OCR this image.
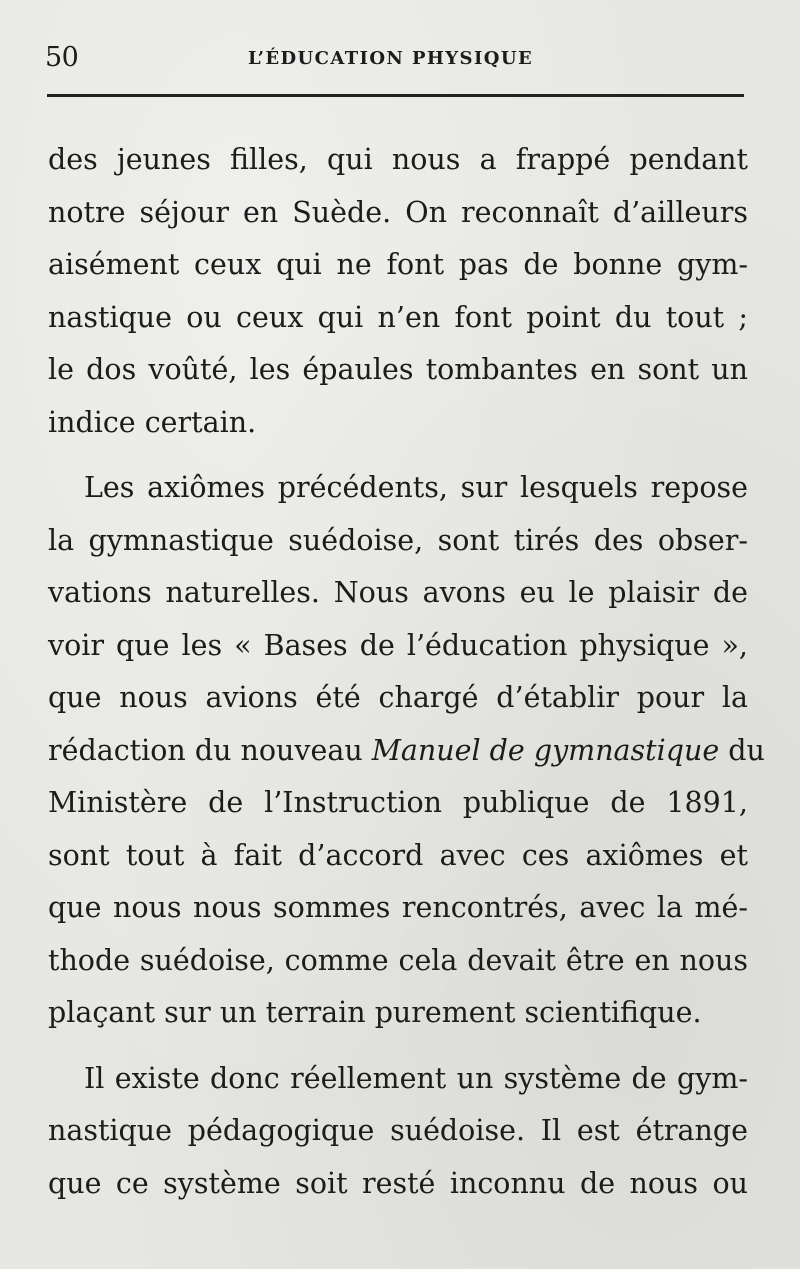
50	L’ÉDUCATION PHYSIQUE
des jeunes filles, qui nous a frappé pendant
notre séjour en Suède. On reconnaît d’ailleurs
aisément ceux qui ne font pas de bonne gym-
nastique ou ceux qui n’en font point du tout ;
le dos voûté, les épaules tombantes en sont un
indice certain.
Les axiômes précédents, sur lesquels repose
la gymnastique suédoise, sont tirés des obser-
vations naturelles. Nous avons eu le plaisir de
voir que les « Bases de l’éducation physique »,
que nous avions été chargé d’établir pour la
rédaction du nouveau Manuel de gymnastique du
Ministère de l’Instruction publique de 1891,
sont tout à fait d’accord avec ces axiômes et
que nous nous sommes rencontrés, avec la mé-
thode suédoise, comme cela devait être en nous
plaçant sur un terrain purement scientifique.
Il existe donc réellement un système de gym-
nastique pédagogique suédoise. Il est étrange
que ce système soit resté inconnu de nous ou
